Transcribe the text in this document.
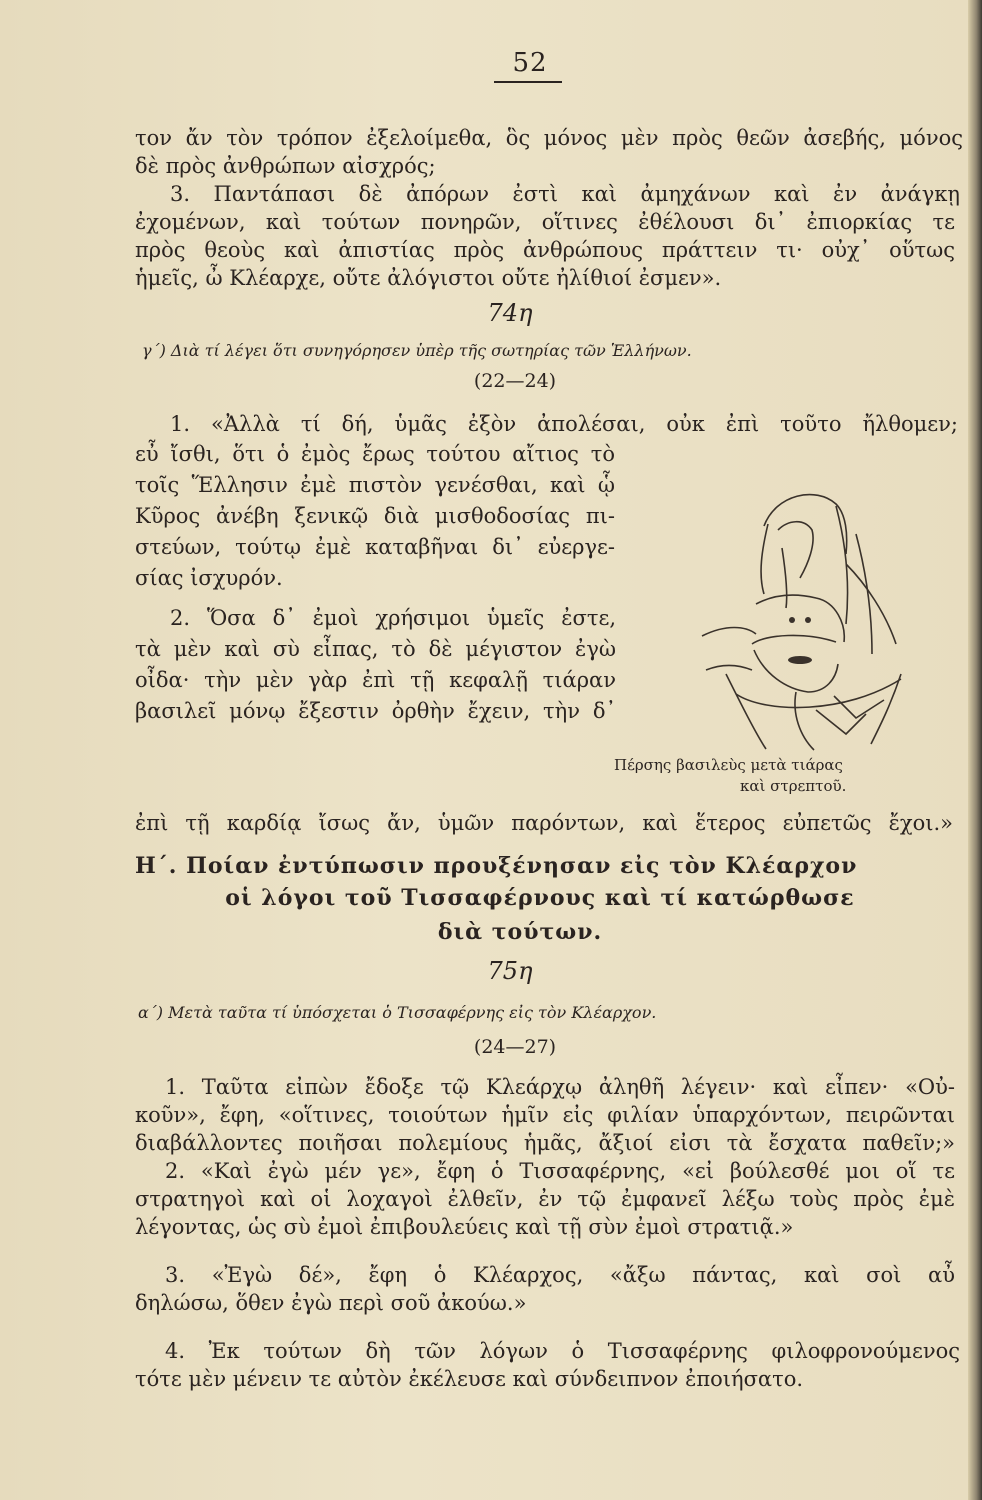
52
τον ἄν τὸν τρόπον ἐξελοίμεθα, ὃς μόνος μὲν πρὸς θεῶν ἀσεβής, μόνος
δὲ πρὸς ἀνθρώπων αἰσχρός;
3. Παντάπασι δὲ ἀπόρων ἐστὶ καὶ ἀμηχάνων καὶ ἐν ἀνάγκῃ
ἐχομένων, καὶ τούτων πονηρῶν, οἵτινες ἐθέλουσι δι᾽ ἐπιορκίας τε
πρὸς θεοὺς καὶ ἀπιστίας πρὸς ἀνθρώπους πράττειν τι· οὐχ᾽ οὕτως
ἡμεῖς, ὦ Κλέαρχε, οὔτε ἀλόγιστοι οὔτε ἠλίθιοί ἐσμεν».
74η
γ΄) Διὰ τί λέγει ὅτι συνηγόρησεν ὑπὲρ τῆς σωτηρίας τῶν Ἑλλήνων.
(22—24)
1. «Ἀλλὰ τί δή, ὑμᾶς ἐξὸν ἀπολέσαι, οὐκ ἐπὶ τοῦτο ἤλθομεν;
εὖ ἴσθι, ὅτι ὁ ἐμὸς ἔρως τούτου αἴτιος τὸ
τοῖς Ἕλλησιν ἐμὲ πιστὸν γενέσθαι, καὶ ᾧ
Κῦρος ἀνέβη ξενικῷ διὰ μισθοδοσίας πι-
στεύων, τούτῳ ἐμὲ καταβῆναι δι᾽ εὐεργε-
σίας ἰσχυρόν.
2. Ὅσα δ᾽ ἐμοὶ χρήσιμοι ὑμεῖς ἐστε,
τὰ μὲν καὶ σὺ εἶπας, τὸ δὲ μέγιστον ἐγὼ
οἶδα· τὴν μὲν γὰρ ἐπὶ τῇ κεφαλῇ τιάραν
βασιλεῖ μόνῳ ἔξεστιν ὀρθὴν ἔχειν, τὴν δ᾽
Πέρσης βασιλεὺς μετὰ τιάρας
καὶ στρεπτοῦ.
ἐπὶ τῇ καρδίᾳ ἴσως ἄν, ὑμῶν παρόντων, καὶ ἕτερος εὐπετῶς ἔχοι.»
Η΄. Ποίαν ἐντύπωσιν προυξένησαν εἰς τὸν Κλέαρχον
οἱ λόγοι τοῦ Τισσαφέρνους καὶ τί κατώρθωσε
διὰ τούτων.
75η
α΄) Μετὰ ταῦτα τί ὑπόσχεται ὁ Τισσαφέρνης εἰς τὸν Κλέαρχον.
(24—27)
1. Ταῦτα εἰπὼν ἔδοξε τῷ Κλεάρχῳ ἀληθῆ λέγειν· καὶ εἶπεν· «Οὐ-
κοῦν», ἔφη, «οἵτινες, τοιούτων ἡμῖν εἰς φιλίαν ὑπαρχόντων, πειρῶνται
διαβάλλοντες ποιῆσαι πολεμίους ἡμᾶς, ἄξιοί εἰσι τὰ ἔσχατα παθεῖν;»
2. «Καὶ ἐγὼ μέν γε», ἔφη ὁ Τισσαφέρνης, «εἰ βούλεσθέ μοι οἵ τε
στρατηγοὶ καὶ οἱ λοχαγοὶ ἐλθεῖν, ἐν τῷ ἐμφανεῖ λέξω τοὺς πρὸς ἐμὲ
λέγοντας, ὡς σὺ ἐμοὶ ἐπιβουλεύεις καὶ τῇ σὺν ἐμοὶ στρατιᾷ.»
3. «Ἐγὼ δέ», ἔφη ὁ Κλέαρχος, «ἄξω πάντας, καὶ σοὶ αὖ
δηλώσω, ὅθεν ἐγὼ περὶ σοῦ ἀκούω.»
4. Ἐκ τούτων δὴ τῶν λόγων ὁ Τισσαφέρνης φιλοφρονούμενος
τότε μὲν μένειν τε αὐτὸν ἐκέλευσε καὶ σύνδειπνον ἐποιήσατο.
